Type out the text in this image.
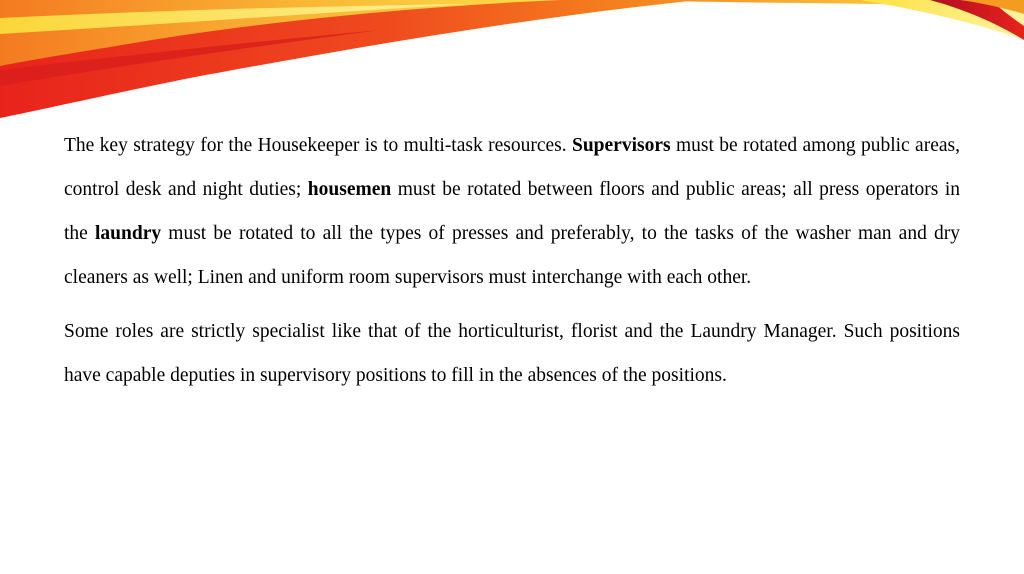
The key strategy for the Housekeeper is to multi-task resources. Supervisors must be rotated among public areas, control desk and night duties; housemen must be rotated between floors and public areas; all press operators in the laundry must be rotated to all the types of presses and preferably, to the tasks of the washer man and dry cleaners as well; Linen and uniform room supervisors must interchange with each other.

Some roles are strictly specialist like that of the horticulturist, florist and the Laundry Manager. Such positions have capable deputies in supervisory positions to fill in the absences of the positions.
